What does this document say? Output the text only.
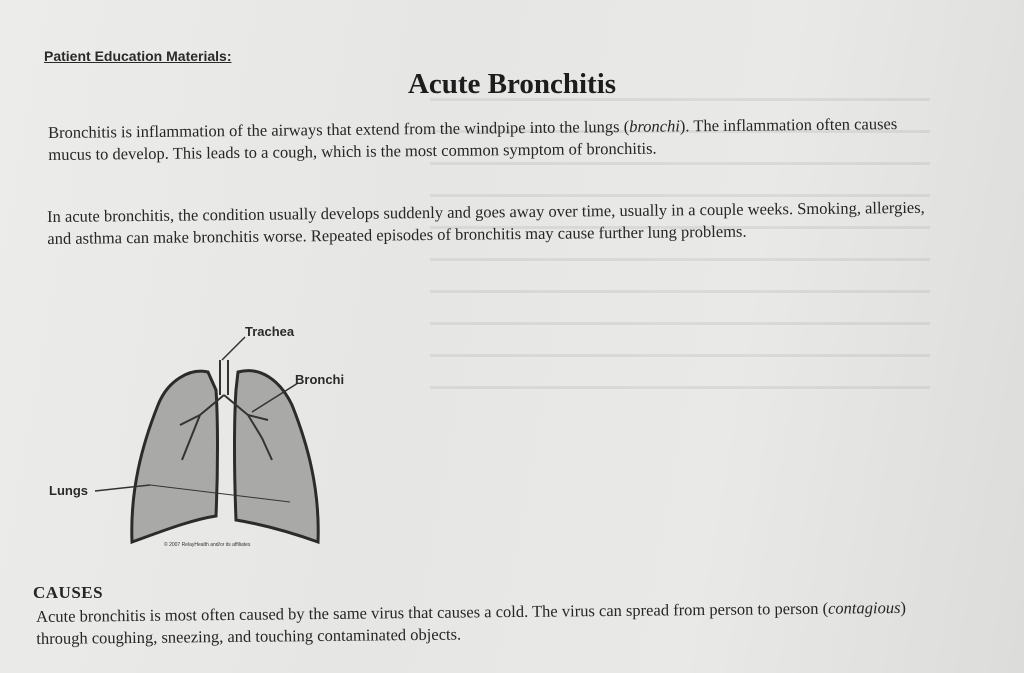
Patient Education Materials:
Acute Bronchitis

Bronchitis is inflammation of the airways that extend from the windpipe into the lungs (bronchi). The inflammation often causes mucus to develop. This leads to a cough, which is the most common symptom of bronchitis.

In acute bronchitis, the condition usually develops suddenly and goes away over time, usually in a couple weeks. Smoking, allergies, and asthma can make bronchitis worse. Repeated episodes of bronchitis may cause further lung problems.

Trachea
Bronchi
Lungs
© 2007 RelayHealth and/or its affiliates
CAUSES

Acute bronchitis is most often caused by the same virus that causes a cold. The virus can spread from person to person (contagious) through coughing, sneezing, and touching contaminated objects.
